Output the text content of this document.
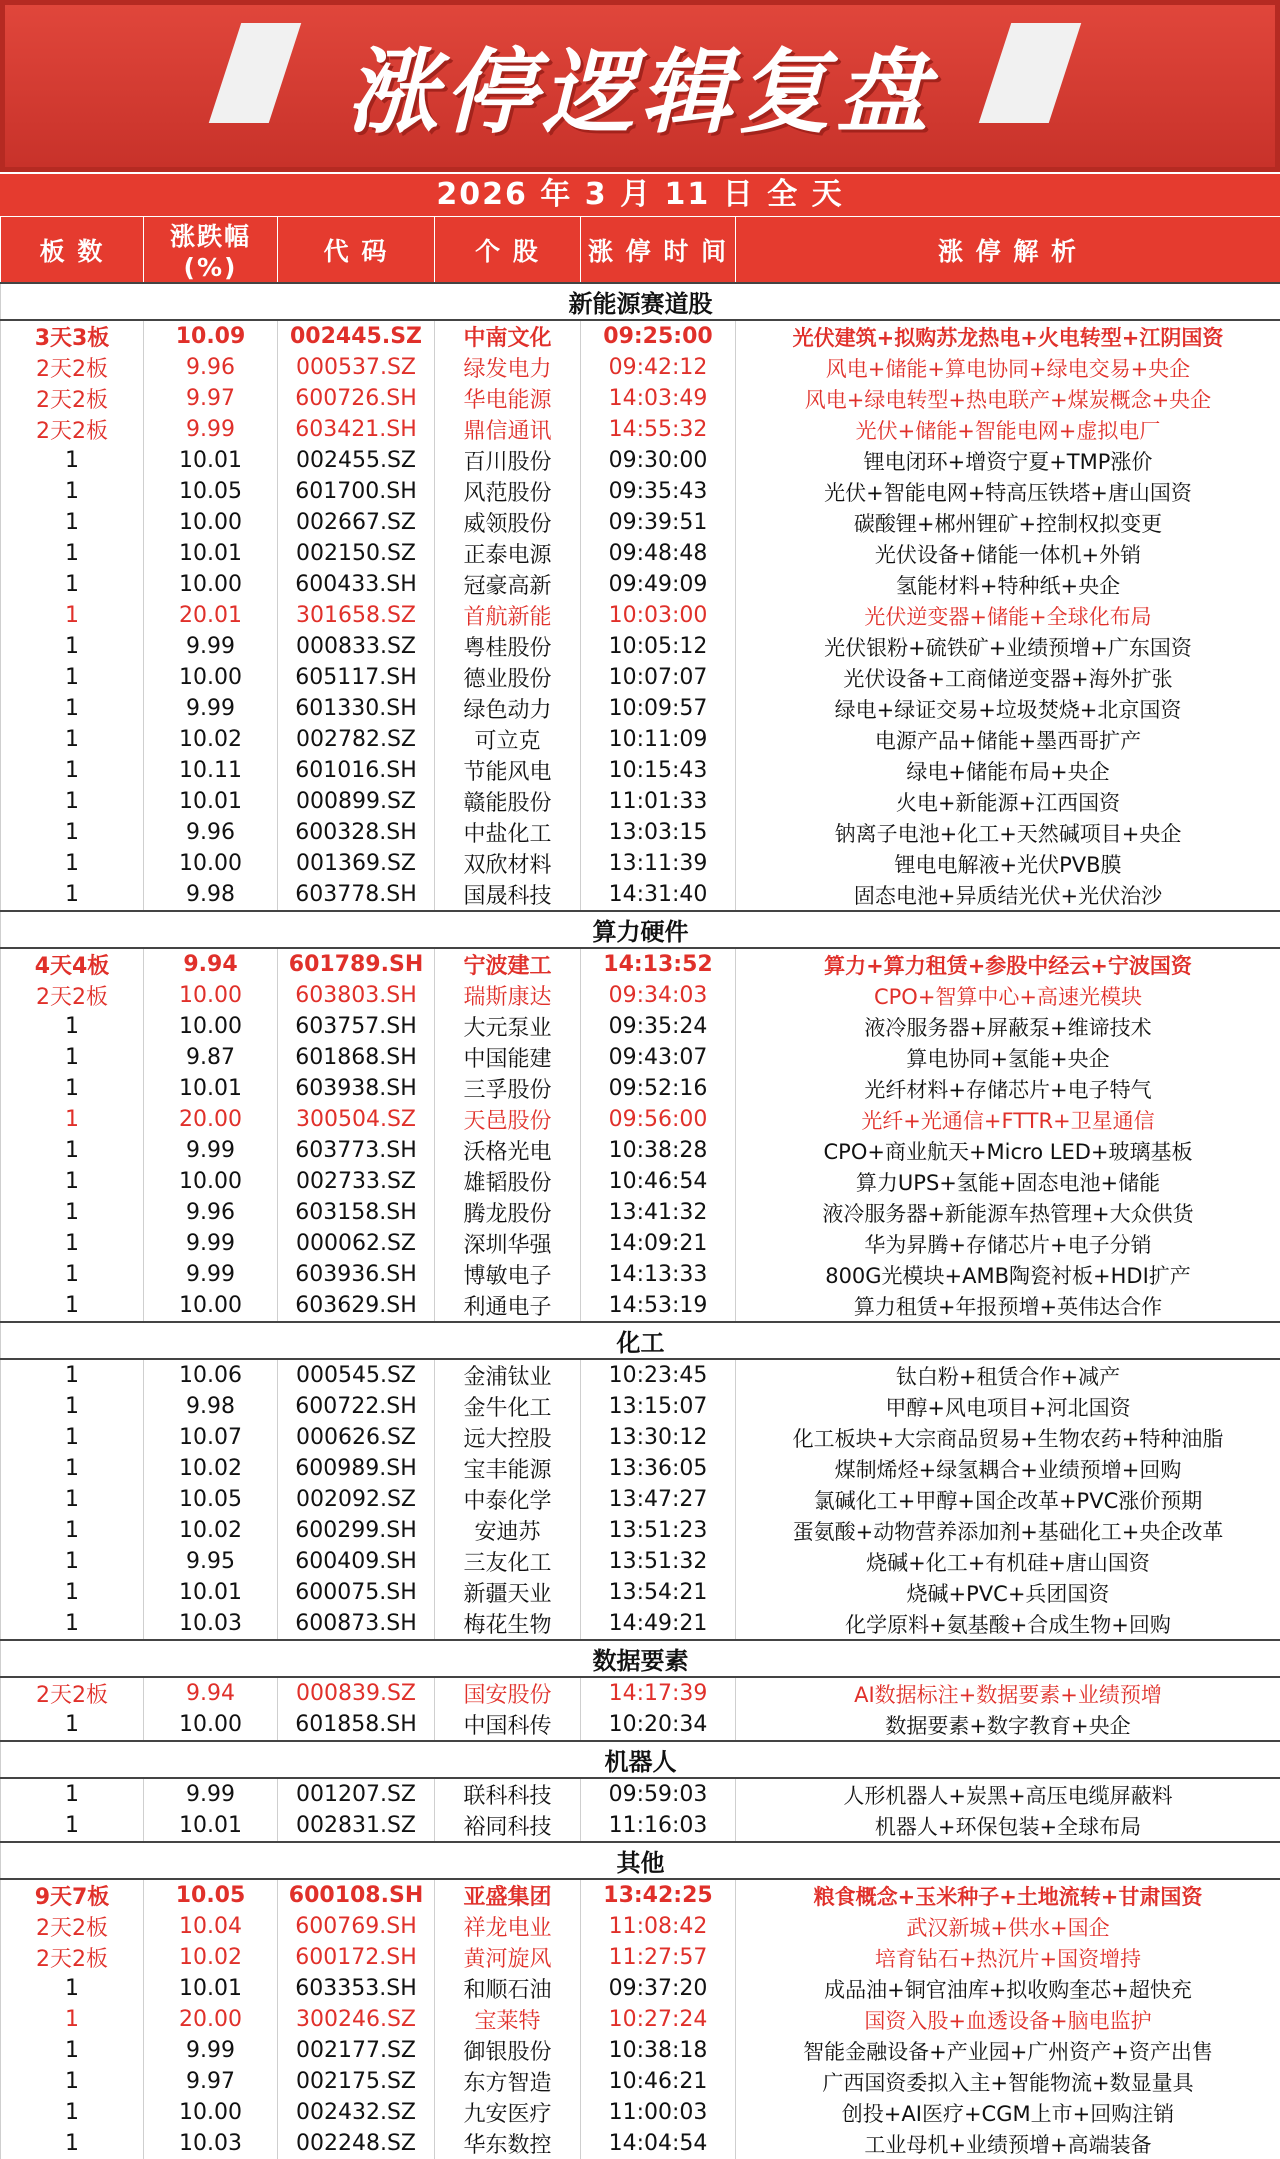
涨停逻辑复盘
2026 年 3 月 11 日 全 天
板 数	涨跌幅(%)	代 码	个 股	涨 停 时 间	涨 停 解 析
新能源赛道股					
3天3板	10.09	002445.SZ	中南文化	09:25:00	光伏建筑+拟购苏龙热电+火电转型+江阴国资
2天2板	9.96	000537.SZ	绿发电力	09:42:12	风电+储能+算电协同+绿电交易+央企
2天2板	9.97	600726.SH	华电能源	14:03:49	风电+绿电转型+热电联产+煤炭概念+央企
2天2板	9.99	603421.SH	鼎信通讯	14:55:32	光伏+储能+智能电网+虚拟电厂
1	10.01	002455.SZ	百川股份	09:30:00	锂电闭环+增资宁夏+TMP涨价
1	10.05	601700.SH	风范股份	09:35:43	光伏+智能电网+特高压铁塔+唐山国资
1	10.00	002667.SZ	威领股份	09:39:51	碳酸锂+郴州锂矿+控制权拟变更
1	10.01	002150.SZ	正泰电源	09:48:48	光伏设备+储能一体机+外销
1	10.00	600433.SH	冠豪高新	09:49:09	氢能材料+特种纸+央企
1	20.01	301658.SZ	首航新能	10:03:00	光伏逆变器+储能+全球化布局
1	9.99	000833.SZ	粤桂股份	10:05:12	光伏银粉+硫铁矿+业绩预增+广东国资
1	10.00	605117.SH	德业股份	10:07:07	光伏设备+工商储逆变器+海外扩张
1	9.99	601330.SH	绿色动力	10:09:57	绿电+绿证交易+垃圾焚烧+北京国资
1	10.02	002782.SZ	可立克	10:11:09	电源产品+储能+墨西哥扩产
1	10.11	601016.SH	节能风电	10:15:43	绿电+储能布局+央企
1	10.01	000899.SZ	赣能股份	11:01:33	火电+新能源+江西国资
1	9.96	600328.SH	中盐化工	13:03:15	钠离子电池+化工+天然碱项目+央企
1	10.00	001369.SZ	双欣材料	13:11:39	锂电电解液+光伏PVB膜
1	9.98	603778.SH	国晟科技	14:31:40	固态电池+异质结光伏+光伏治沙
算力硬件					
4天4板	9.94	601789.SH	宁波建工	14:13:52	算力+算力租赁+参股中经云+宁波国资
2天2板	10.00	603803.SH	瑞斯康达	09:34:03	CPO+智算中心+高速光模块
1	10.00	603757.SH	大元泵业	09:35:24	液冷服务器+屏蔽泵+维谛技术
1	9.87	601868.SH	中国能建	09:43:07	算电协同+氢能+央企
1	10.01	603938.SH	三孚股份	09:52:16	光纤材料+存储芯片+电子特气
1	20.00	300504.SZ	天邑股份	09:56:00	光纤+光通信+FTTR+卫星通信
1	9.99	603773.SH	沃格光电	10:38:28	CPO+商业航天+Micro LED+玻璃基板
1	10.00	002733.SZ	雄韬股份	10:46:54	算力UPS+氢能+固态电池+储能
1	9.96	603158.SH	腾龙股份	13:41:32	液冷服务器+新能源车热管理+大众供货
1	9.99	000062.SZ	深圳华强	14:09:21	华为昇腾+存储芯片+电子分销
1	9.99	603936.SH	博敏电子	14:13:33	800G光模块+AMB陶瓷衬板+HDI扩产
1	10.00	603629.SH	利通电子	14:53:19	算力租赁+年报预增+英伟达合作
化工					
1	10.06	000545.SZ	金浦钛业	10:23:45	钛白粉+租赁合作+减产
1	9.98	600722.SH	金牛化工	13:15:07	甲醇+风电项目+河北国资
1	10.07	000626.SZ	远大控股	13:30:12	化工板块+大宗商品贸易+生物农药+特种油脂
1	10.02	600989.SH	宝丰能源	13:36:05	煤制烯烃+绿氢耦合+业绩预增+回购
1	10.05	002092.SZ	中泰化学	13:47:27	氯碱化工+甲醇+国企改革+PVC涨价预期
1	10.02	600299.SH	安迪苏	13:51:23	蛋氨酸+动物营养添加剂+基础化工+央企改革
1	9.95	600409.SH	三友化工	13:51:32	烧碱+化工+有机硅+唐山国资
1	10.01	600075.SH	新疆天业	13:54:21	烧碱+PVC+兵团国资
1	10.03	600873.SH	梅花生物	14:49:21	化学原料+氨基酸+合成生物+回购
数据要素					
2天2板	9.94	000839.SZ	国安股份	14:17:39	AI数据标注+数据要素+业绩预增
1	10.00	601858.SH	中国科传	10:20:34	数据要素+数字教育+央企
机器人					
1	9.99	001207.SZ	联科科技	09:59:03	人形机器人+炭黑+高压电缆屏蔽料
1	10.01	002831.SZ	裕同科技	11:16:03	机器人+环保包装+全球布局
其他					
9天7板	10.05	600108.SH	亚盛集团	13:42:25	粮食概念+玉米种子+土地流转+甘肃国资
2天2板	10.04	600769.SH	祥龙电业	11:08:42	武汉新城+供水+国企
2天2板	10.02	600172.SH	黄河旋风	11:27:57	培育钻石+热沉片+国资增持
1	10.01	603353.SH	和顺石油	09:37:20	成品油+铜官油库+拟收购奎芯+超快充
1	20.00	300246.SZ	宝莱特	10:27:24	国资入股+血透设备+脑电监护
1	9.99	002177.SZ	御银股份	10:38:18	智能金融设备+产业园+广州资产+资产出售
1	9.97	002175.SZ	东方智造	10:46:21	广西国资委拟入主+智能物流+数显量具
1	10.00	002432.SZ	九安医疗	11:00:03	创投+AI医疗+CGM上市+回购注销
1	10.03	002248.SZ	华东数控	14:04:54	工业母机+业绩预增+高端装备
